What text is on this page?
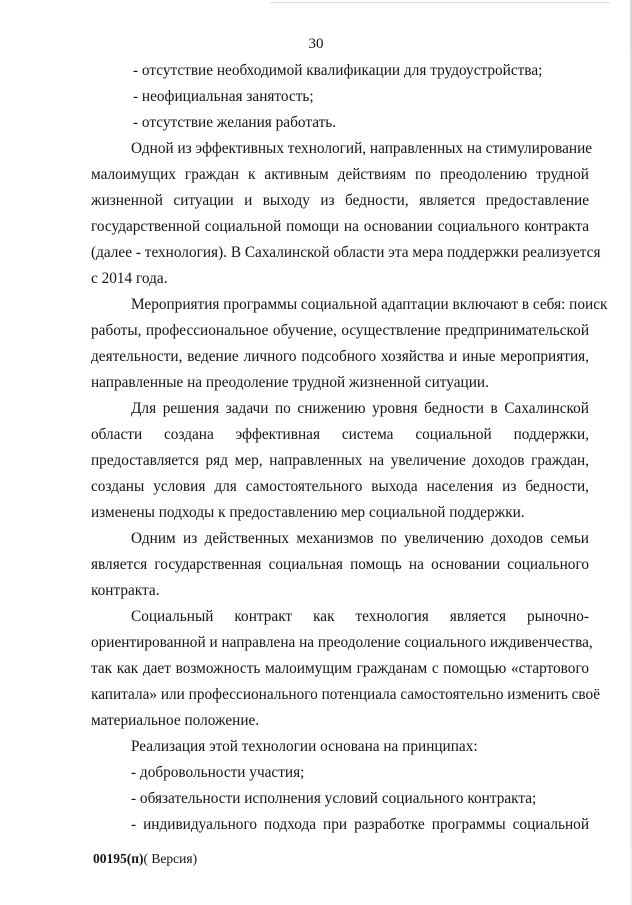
30
- отсутствие необходимой квалификации для трудоустройства;
- неофициальная занятость;
- отсутствие желания работать.
Одной из эффективных технологий, направленных на стимулирование
малоимущих граждан к активным действиям по преодолению трудной
жизненной ситуации и выходу из бедности, является предоставление
государственной социальной помощи на основании социального контракта
(далее - технология). В Сахалинской области эта мера поддержки реализуется
с 2014 года.
Мероприятия программы социальной адаптации включают в себя: поиск
работы, профессиональное обучение, осуществление предпринимательской
деятельности, ведение личного подсобного хозяйства и иные мероприятия,
направленные на преодоление трудной жизненной ситуации.
Для решения задачи по снижению уровня бедности в Сахалинской
области созданa эффективная система социальной поддержки,
предоставляется ряд мер, направленных на увеличение доходов граждан,
созданы условия для самостоятельного выхода населения из бедности,
изменены подходы к предоставлению мер социальной поддержки.
Одним из действенных механизмов по увеличению доходов семьи
является государственная социальная помощь на основании социального
контракта.
Социальный контракт как технология является рыночно-
ориентированной и направлена на преодоление социального иждивенчества,
так как дает возможность малоимущим гражданам с помощью «стартового
капитала» или профессионального потенциала самостоятельно изменить своё
материальное положение.
Реализация этой технологии основана на принципах:
- добровольности участия;
- обязательности исполнения условий социального контракта;
- индивидуального подхода при разработке программы социальной
00195(п)( Версия)
